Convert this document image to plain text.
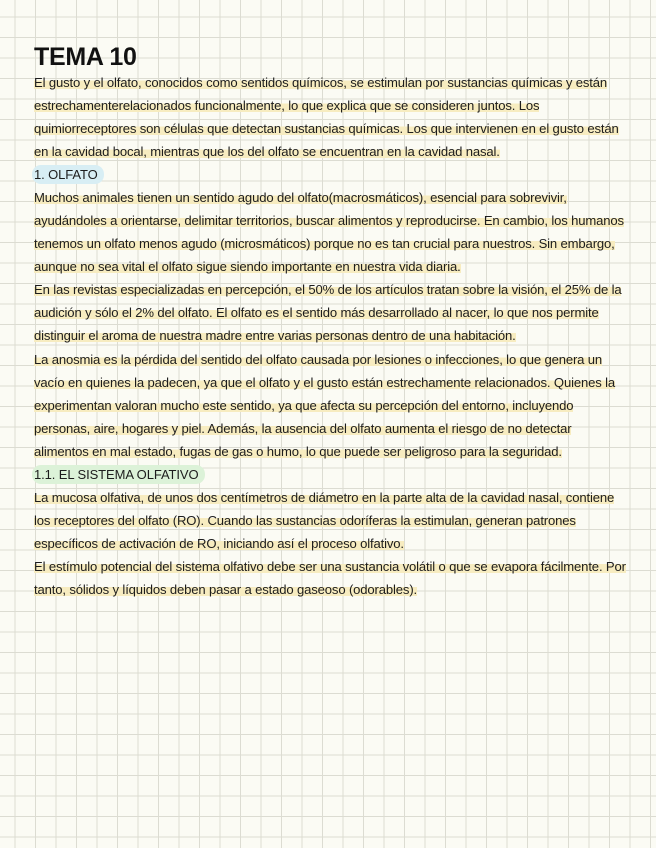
TEMA 10

El gusto y el olfato, conocidos como sentidos químicos, se estimulan por sustancias químicas y están estrechamenterelacionados funcionalmente, lo que explica que se consideren juntos. Los quimiorreceptores son células que detectan sustancias químicas. Los que intervienen en el gusto están en la cavidad bocal, mientras que los del olfato se encuentran en la cavidad nasal.

1. OLFATO

Muchos animales tienen un sentido agudo del olfato(macrosmáticos), esencial para sobrevivir, ayudándoles a orientarse, delimitar territorios, buscar alimentos y reproducirse. En cambio, los humanos tenemos un olfato menos agudo (microsmáticos) porque no es tan crucial para nuestros. Sin embargo, aunque no sea vital el olfato sigue siendo importante en nuestra vida diaria.

En las revistas especializadas en percepción, el 50% de los artículos tratan sobre la visión, el 25% de la audición y sólo el 2% del olfato. El olfato es el sentido más desarrollado al nacer, lo que nos permite distinguir el aroma de nuestra madre entre varias personas dentro de una habitación.

La anosmia es la pérdida del sentido del olfato causada por lesiones o infecciones, lo que genera un vacío en quienes la padecen, ya que el olfato y el gusto están estrechamente relacionados. Quienes la experimentan valoran mucho este sentido, ya que afecta su percepción del entorno, incluyendo personas, aire, hogares y piel. Además, la ausencia del olfato aumenta el riesgo de no detectar alimentos en mal estado, fugas de gas o humo, lo que puede ser peligroso para la seguridad.

1.1. EL SISTEMA OLFATIVO

La mucosa olfativa, de unos dos centímetros de diámetro en la parte alta de la cavidad nasal, contiene los receptores del olfato (RO). Cuando las sustancias odoríferas la estimulan, generan patrones específicos de activación de RO, iniciando así el proceso olfativo.

El estímulo potencial del sistema olfativo debe ser una sustancia volátil o que se evapora fácilmente. Por tanto, sólidos y líquidos deben pasar a estado gaseoso (odorables).
